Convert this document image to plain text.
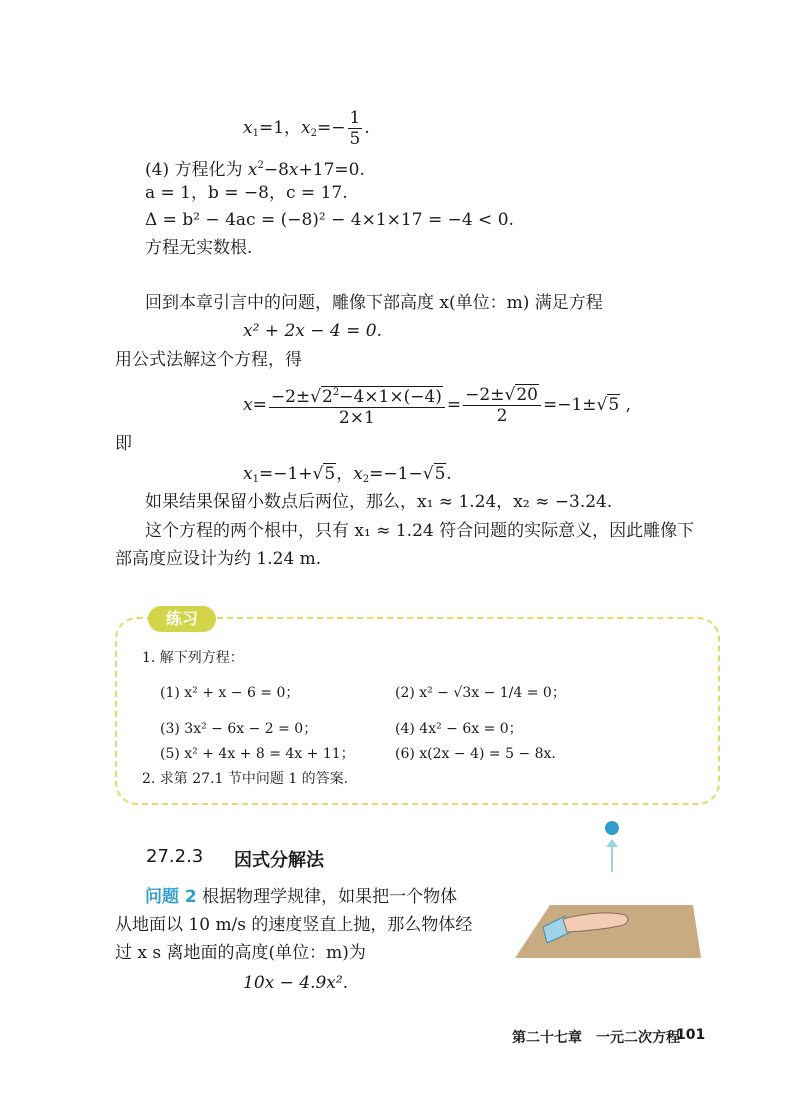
$x_1=1$，$x_2=- \frac{1}{5}$ .
(4) 方程化为 $x^2-8x+17=0$.
a = 1，b = −8，c = 17.
Δ = b² − 4ac = (−8)² − 4×1×17 = −4 < 0.
方程无实数根.
回到本章引言中的问题，雕像下部高度 x(单位：m) 满足方程
x² + 2x − 4 = 0.
用公式法解这个方程，得
$x= \frac{-2\pm√2^2-4\times 1\times(-4)}{2\times 1} = \frac{-2\pm√20}{2} =-1\pm√5$ ,
即
$x_1=-1+√5$，$x_2=-1-√5$.
如果结果保留小数点后两位，那么，x₁ ≈ 1.24，x₂ ≈ −3.24.
这个方程的两个根中，只有 x₁ ≈ 1.24 符合问题的实际意义，因此雕像下
部高度应设计为约 1.24 m.
练习
1. 解下列方程：
(1) x² + x − 6 = 0；	(2) x² − √3x − 1/4 = 0；
(3) 3x² − 6x − 2 = 0；	(4) 4x² − 6x = 0；
(5) x² + 4x + 8 = 4x + 11；	(6) x(2x − 4) = 5 − 8x.
2. 求第 27.1 节中问题 1 的答案.
27.2.3 因式分解法
问题 2 根据物理学规律，如果把一个物体
从地面以 10 m/s 的速度竖直上抛，那么物体经
过 x s 离地面的高度(单位：m)为
10x − 4.9x².
第二十七章　一元二次方程
101
